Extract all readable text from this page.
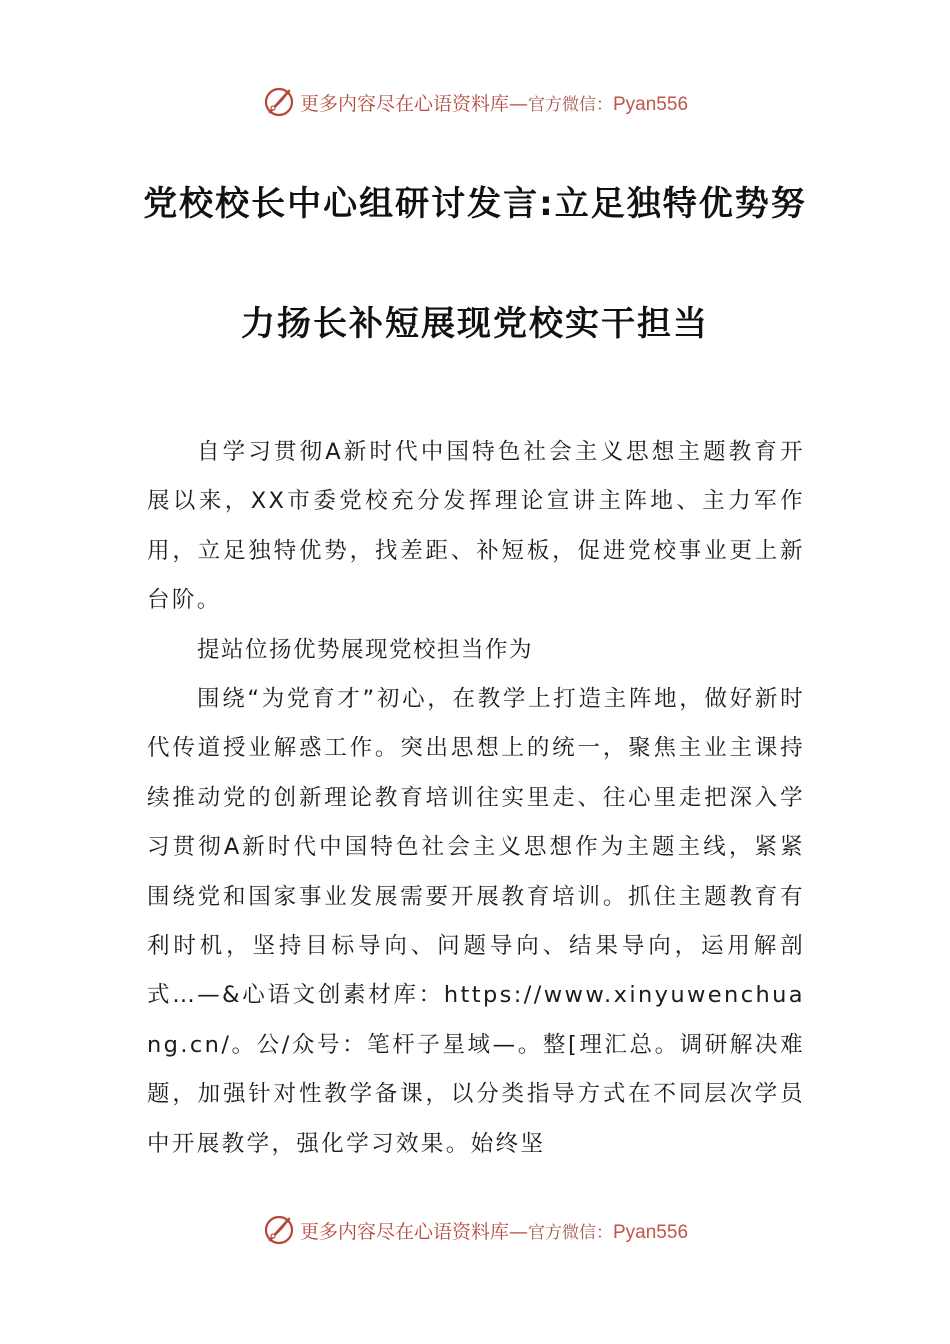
更多内容尽在心语资料库—官方微信：Pyan556
党校校长中心组研讨发言:立足独特优势努
力扬长补短展现党校实干担当

自学习贯彻A新时代中国特色社会主义思想主题教育开展以来，XX市委党校充分发挥理论宣讲主阵地、主力军作用，立足独特优势，找差距、补短板，促进党校事业更上新台阶。

提站位扬优势展现党校担当作为

围绕“为党育才”初心，在教学上打造主阵地，做好新时代传道授业解惑工作。突出思想上的统一，聚焦主业主课持续推动党的创新理论教育培训往实里走、往心里走把深入学习贯彻A新时代中国特色社会主义思想作为主题主线，紧紧围绕党和国家事业发展需要开展教育培训。抓住主题教育有利时机，坚持目标导向、问题导向、结果导向，运用解剖式…—&心语文创素材库：https://www.xinyuwenchuang.cn/。公/众号：笔杆子星域—。整[理汇总。调研解决难题，加强针对性教学备课，以分类指导方式在不同层次学员中开展教学，强化学习效果。始终坚

更多内容尽在心语资料库—官方微信：Pyan556
